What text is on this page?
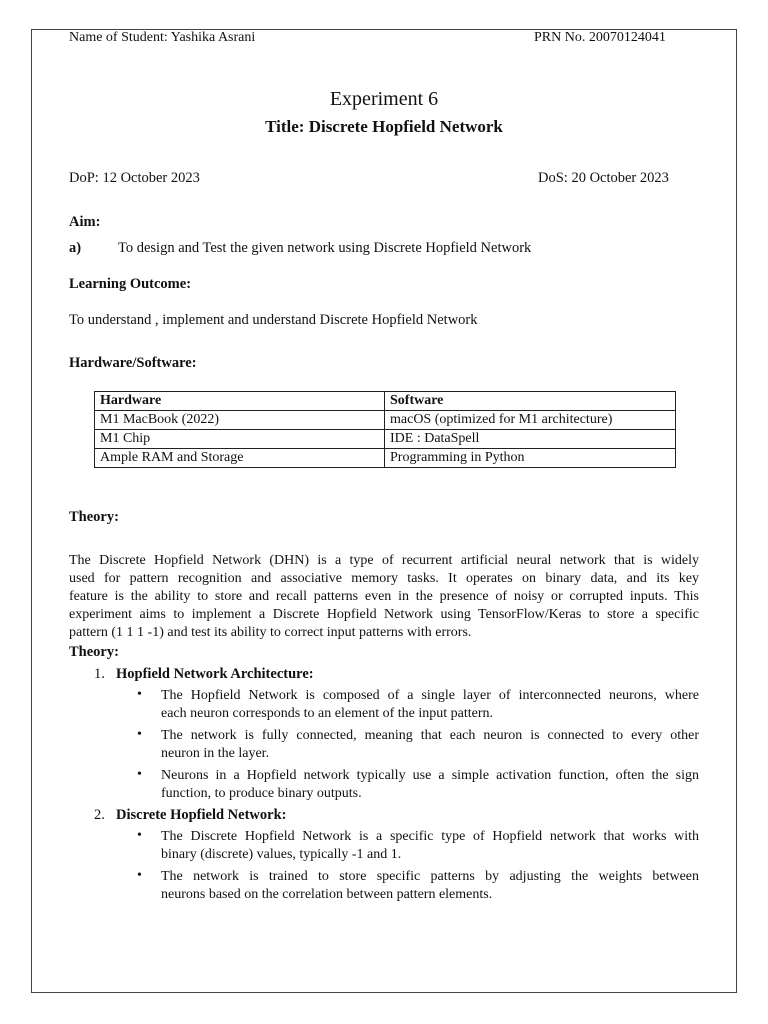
Name of Student: Yashika Asrani	PRN No. 20070124041
Experiment 6
Title: Discrete Hopfield Network
DoP: 12 October 2023	DoS: 20 October 2023
Aim:
a)	To design and Test the given network using Discrete Hopfield Network
Learning Outcome:
To understand , implement and understand Discrete Hopfield Network
Hardware/Software:
Hardware	Software
M1 MacBook (2022)	macOS (optimized for M1 architecture)
M1 Chip	IDE : DataSpell
Ample RAM and Storage	Programming in Python
Theory:
The Discrete Hopfield Network (DHN) is a type of recurrent artificial neural network that is widely
used for pattern recognition and associative memory tasks. It operates on binary data, and its key
feature is the ability to store and recall patterns even in the presence of noisy or corrupted inputs. This
experiment aims to implement a Discrete Hopfield Network using TensorFlow/Keras to store a specific
pattern (1 1 1 -1) and test its ability to correct input patterns with errors.
Theory:
1. Hopfield Network Architecture:
• The Hopfield Network is composed of a single layer of interconnected neurons, where
each neuron corresponds to an element of the input pattern.
• The network is fully connected, meaning that each neuron is connected to every other
neuron in the layer.
• Neurons in a Hopfield network typically use a simple activation function, often the sign
function, to produce binary outputs.
2. Discrete Hopfield Network:
• The Discrete Hopfield Network is a specific type of Hopfield network that works with
binary (discrete) values, typically -1 and 1.
• The network is trained to store specific patterns by adjusting the weights between
neurons based on the correlation between pattern elements.
